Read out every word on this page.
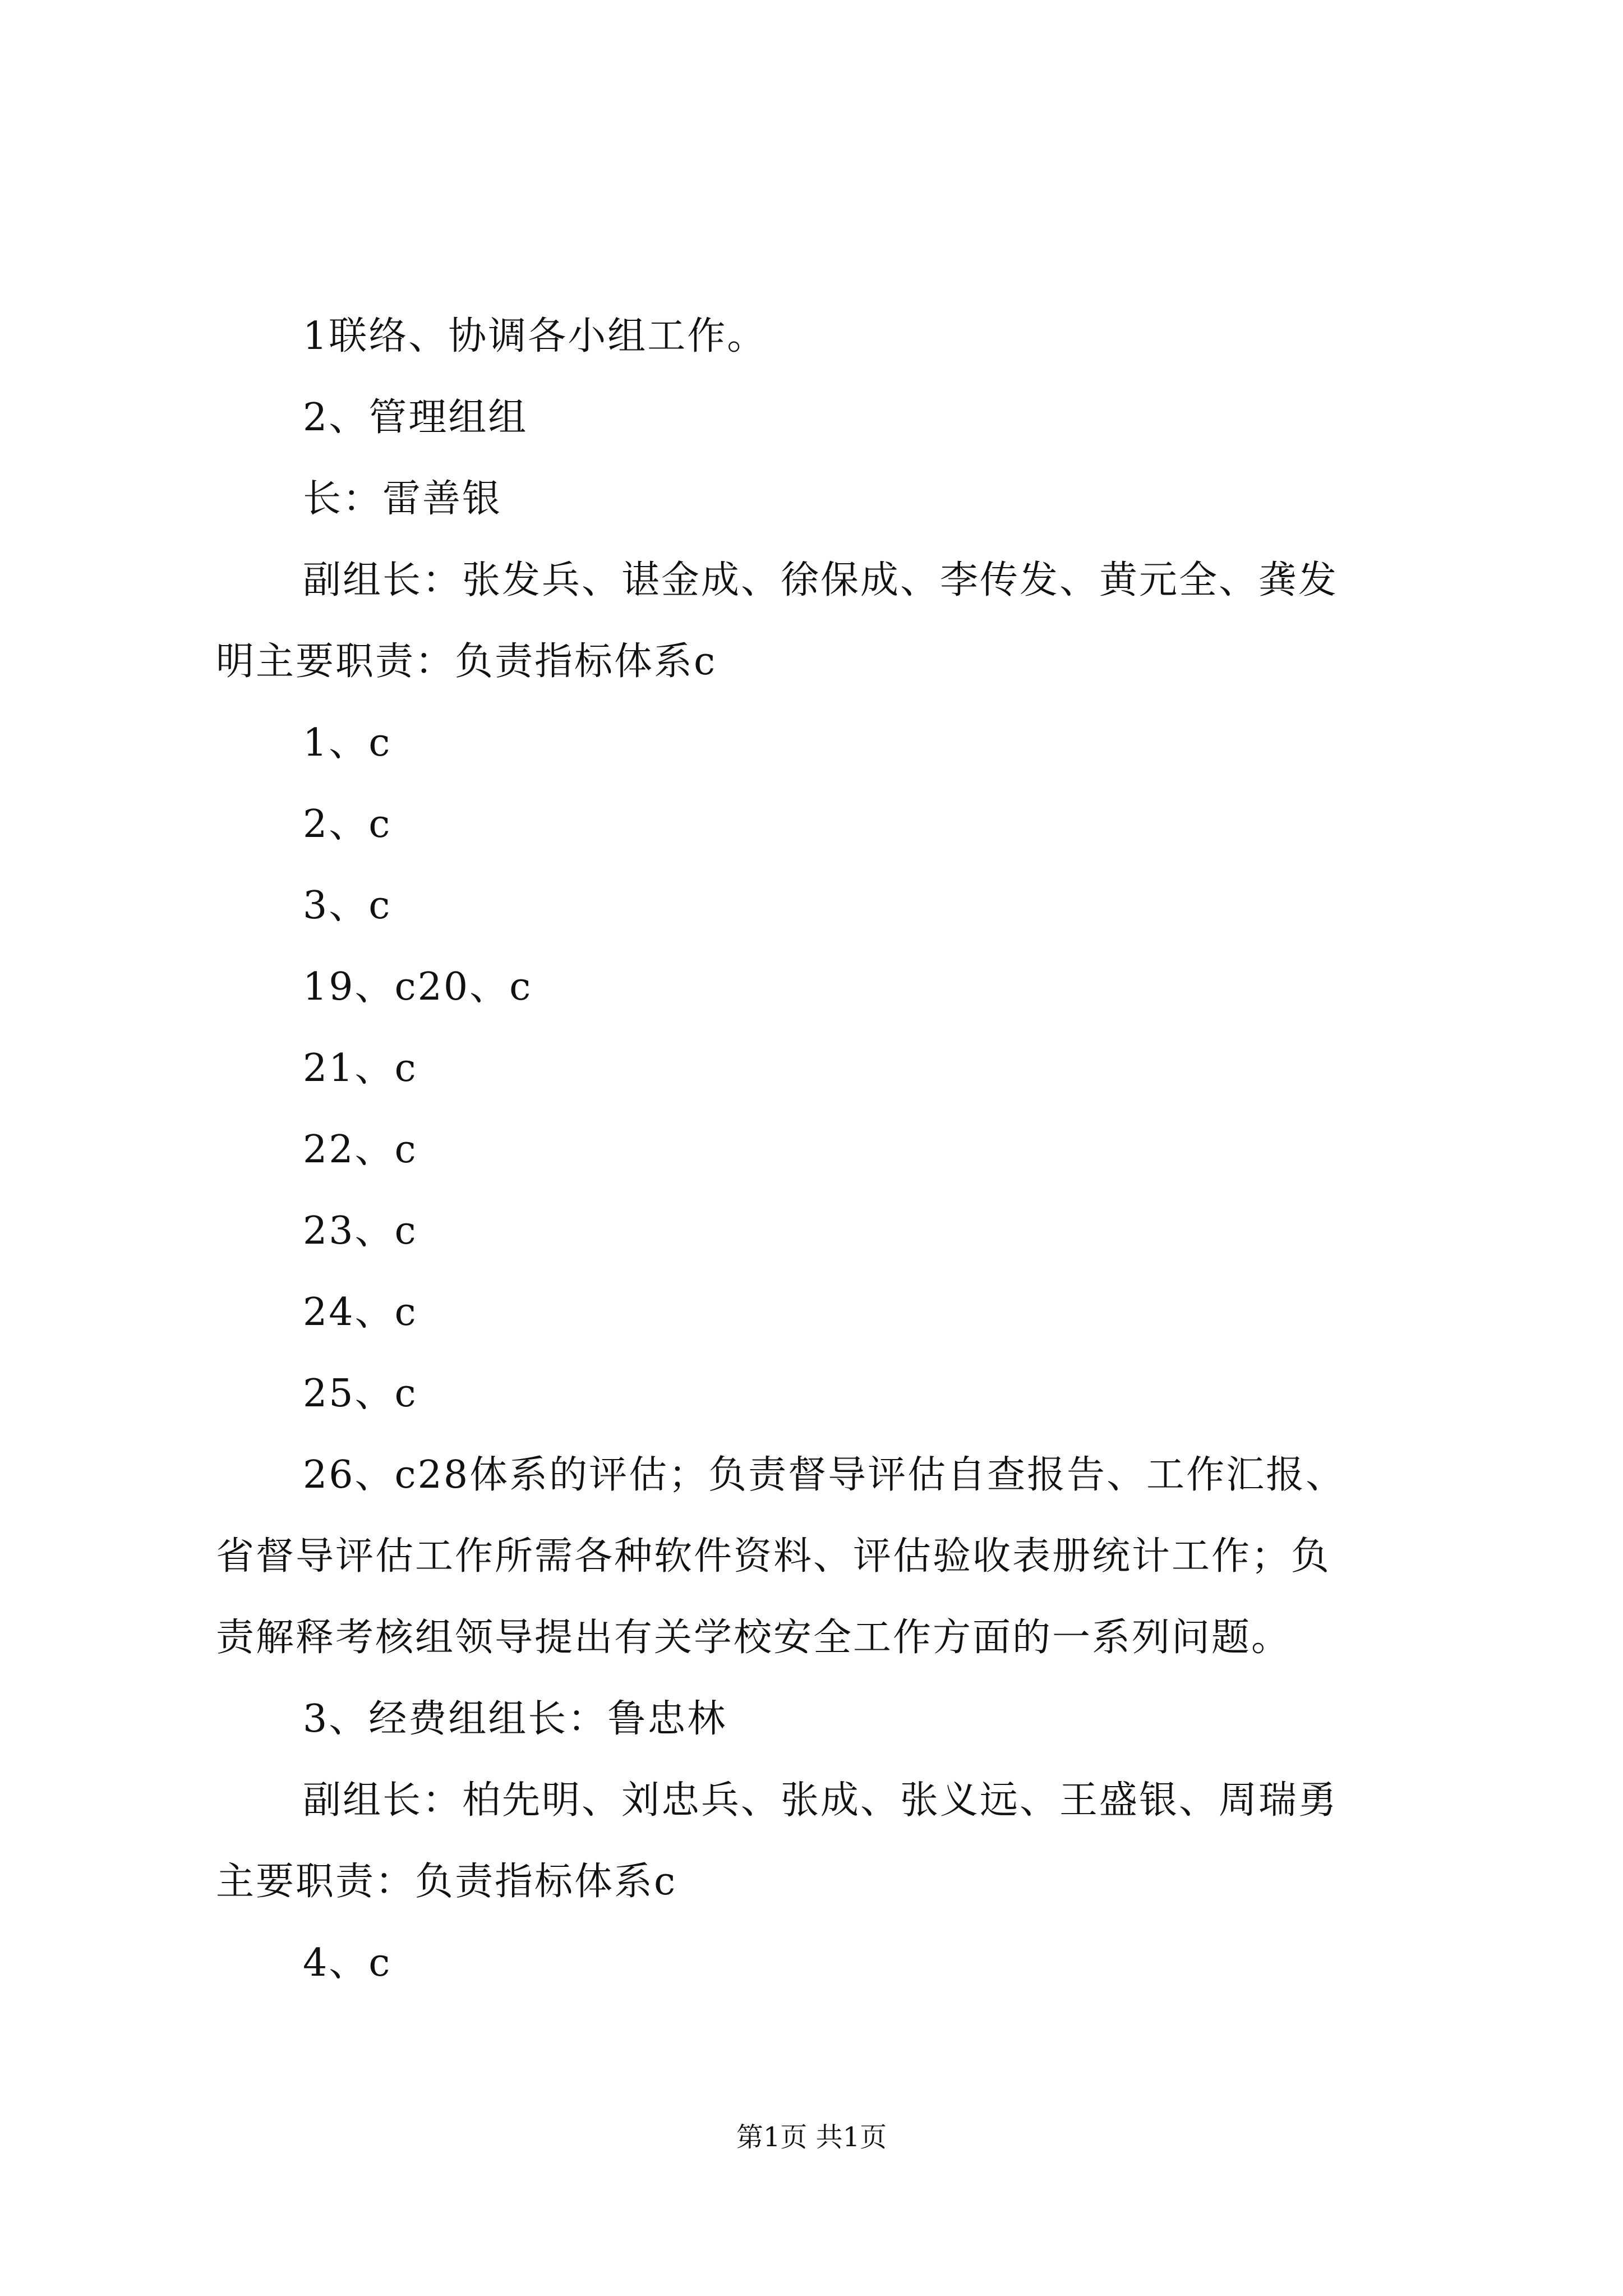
1联络、协调各小组工作。
2、管理组组
长：雷善银
副组长：张发兵、谌金成、徐保成、李传发、黄元全、龚发
明主要职责：负责指标体系c
1、c
2、c
3、c
19、c20、c
21、c
22、c
23、c
24、c
25、c
26、c28体系的评估；负责督导评估自查报告、工作汇报、
省督导评估工作所需各种软件资料、评估验收表册统计工作；负
责解释考核组领导提出有关学校安全工作方面的一系列问题。
3、经费组组长：鲁忠林
副组长：柏先明、刘忠兵、张成、张义远、王盛银、周瑞勇
主要职责：负责指标体系c
4、c
第1页 共1页
